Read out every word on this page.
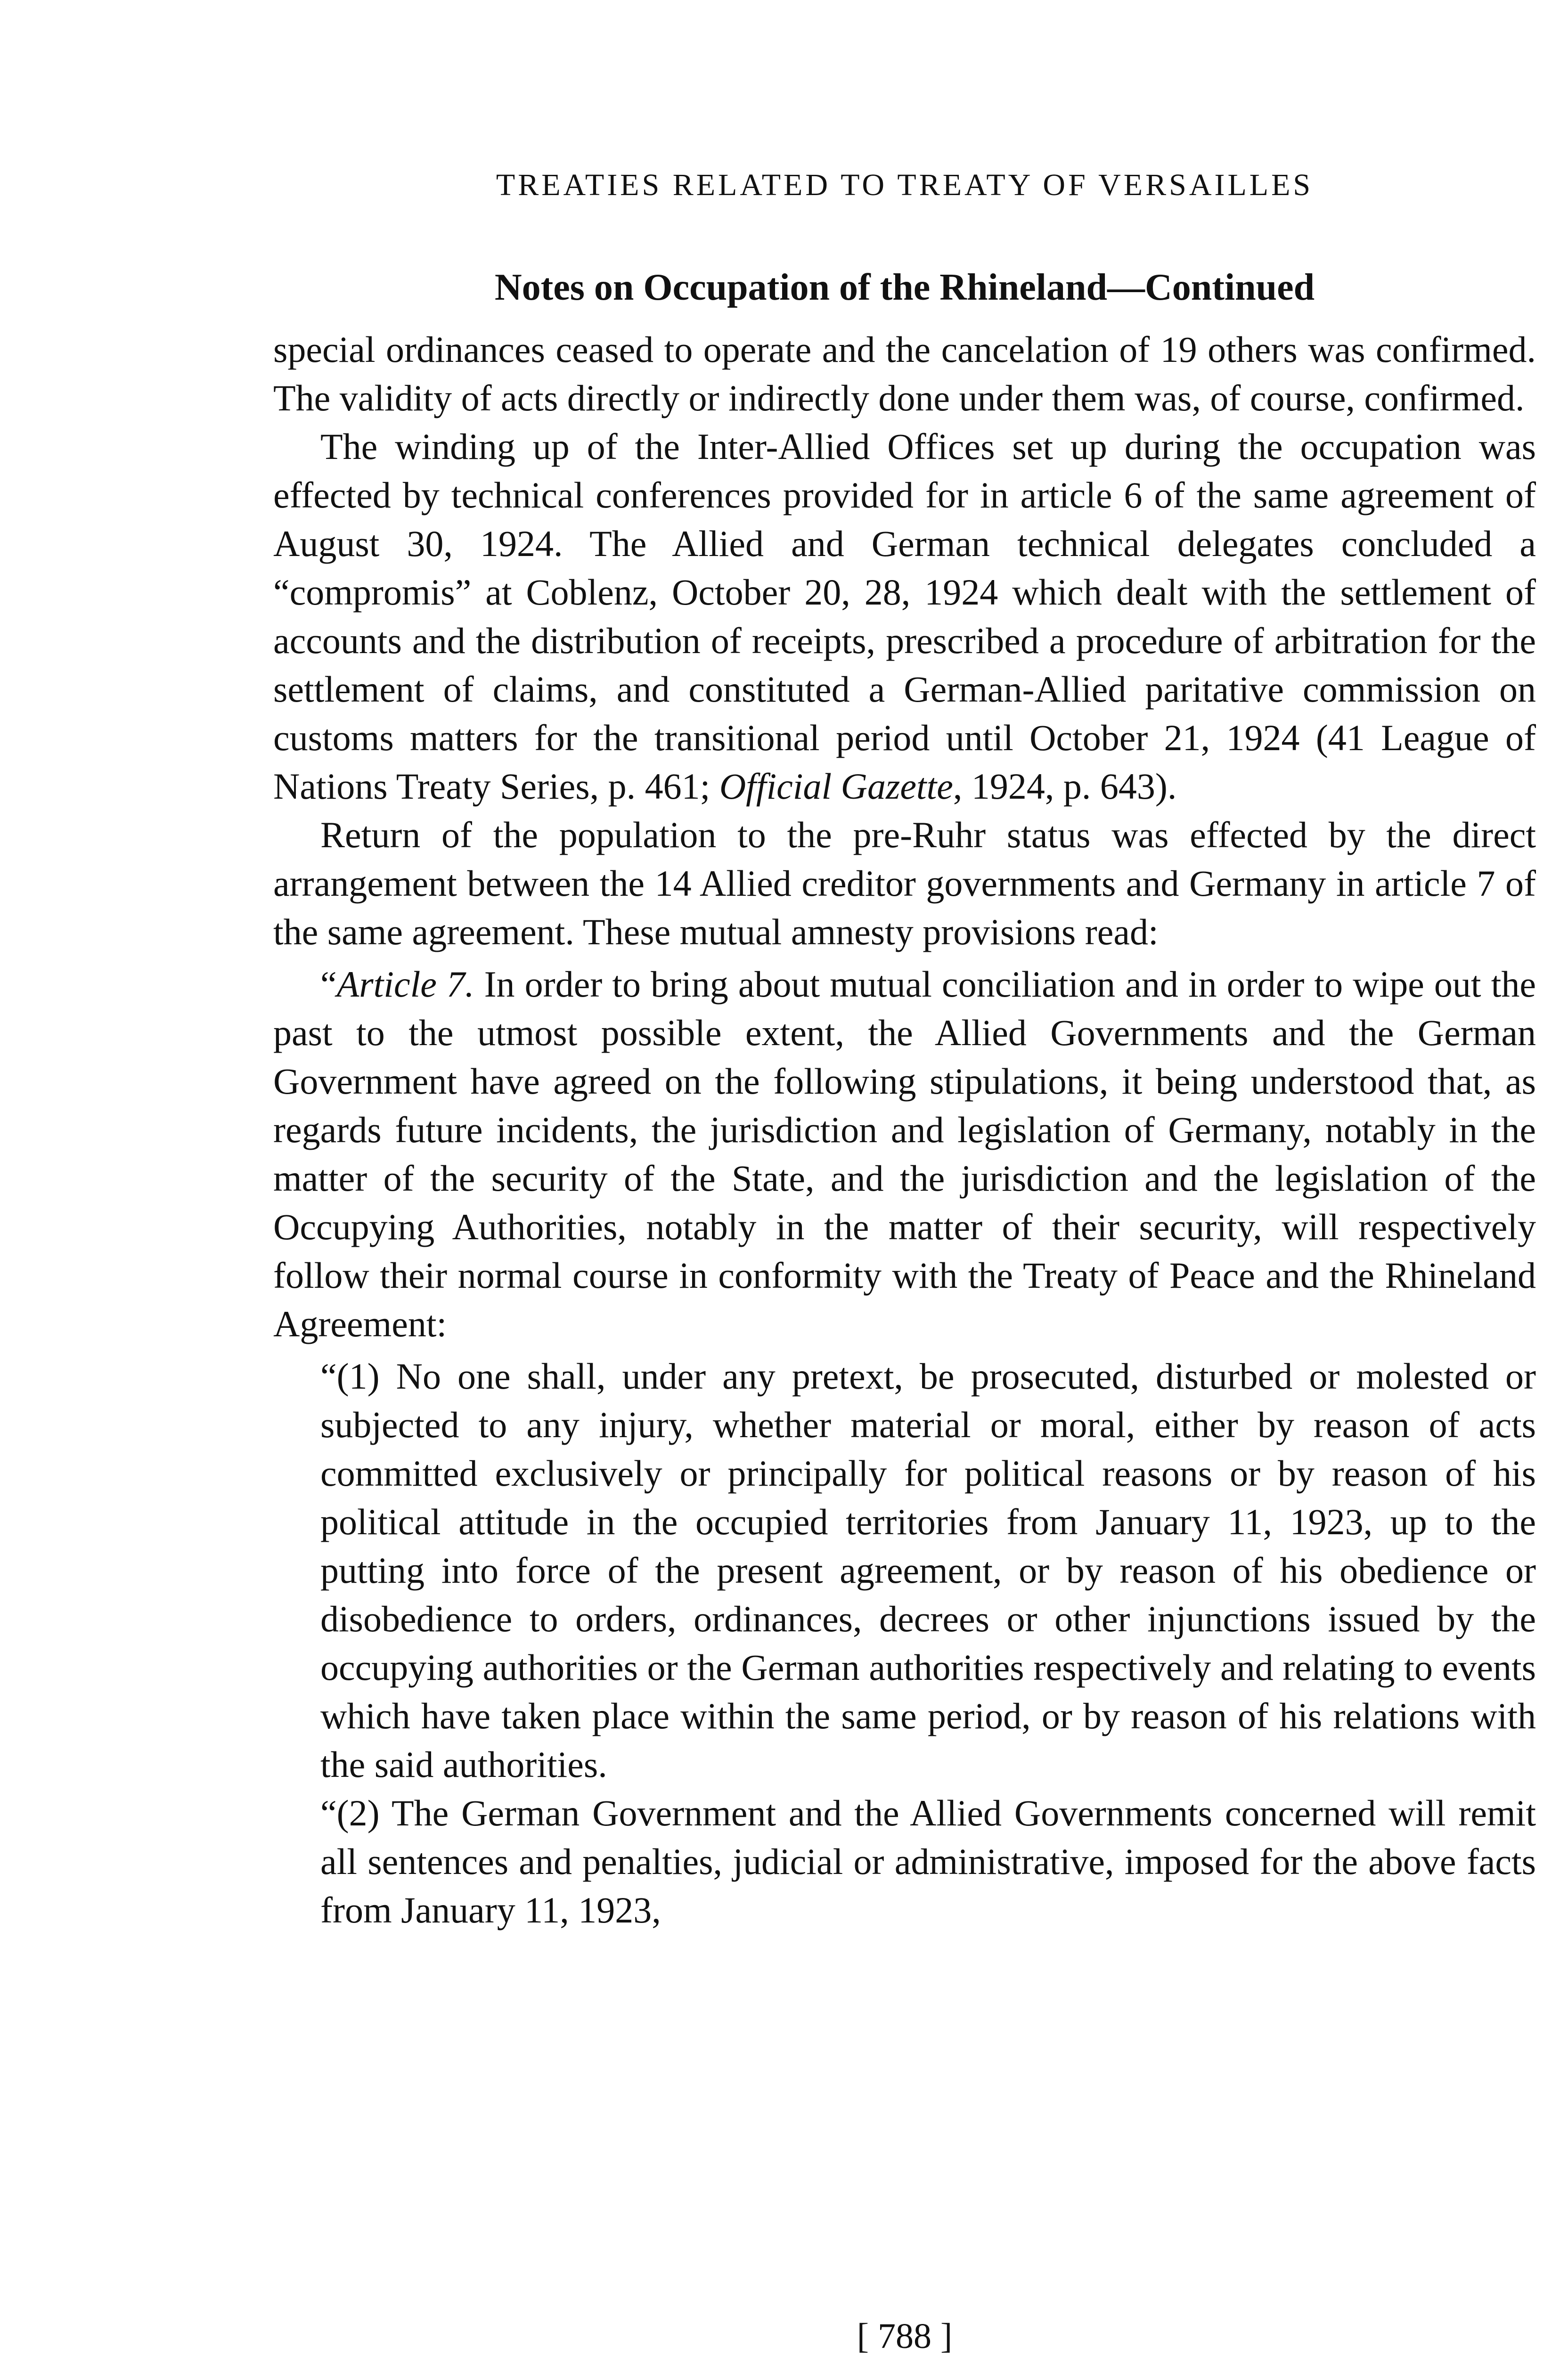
TREATIES RELATED TO TREATY OF VERSAILLES
Notes on Occupation of the Rhineland—Continued

special ordinances ceased to operate and the cancelation of 19 others was confirmed. The validity of acts directly or indirectly done under them was, of course, confirmed.

The winding up of the Inter-Allied Offices set up during the occupation was effected by technical conferences provided for in article 6 of the same agreement of August 30, 1924. The Allied and German technical delegates concluded a “compromis” at Coblenz, October 20, 28, 1924 which dealt with the settlement of accounts and the distribution of receipts, prescribed a procedure of arbitration for the settlement of claims, and constituted a German-Allied paritative commission on customs matters for the transitional period until October 21, 1924 (41 League of Nations Treaty Series, p. 461; Official Gazette, 1924, p. 643).

Return of the population to the pre-Ruhr status was effected by the direct arrangement between the 14 Allied creditor governments and Germany in article 7 of the same agreement. These mutual amnesty provisions read:

“Article 7. In order to bring about mutual conciliation and in order to wipe out the past to the utmost possible extent, the Allied Governments and the German Government have agreed on the following stipulations, it being understood that, as regards future incidents, the jurisdiction and legislation of Germany, notably in the matter of the security of the State, and the jurisdiction and the legislation of the Occupying Authorities, notably in the matter of their security, will respectively follow their normal course in conformity with the Treaty of Peace and the Rhineland Agreement:

“(1) No one shall, under any pretext, be prosecuted, disturbed or molested or subjected to any injury, whether material or moral, either by reason of acts committed exclusively or principally for political reasons or by reason of his political attitude in the occupied territories from January 11, 1923, up to the putting into force of the present agreement, or by reason of his obedience or disobedience to orders, ordinances, decrees or other injunctions issued by the occupying authorities or the German authorities respectively and relating to events which have taken place within the same period, or by reason of his relations with the said authorities.

“(2) The German Government and the Allied Governments concerned will remit all sentences and penalties, judicial or administrative, imposed for the above facts from January 11, 1923,

[ 788 ]
